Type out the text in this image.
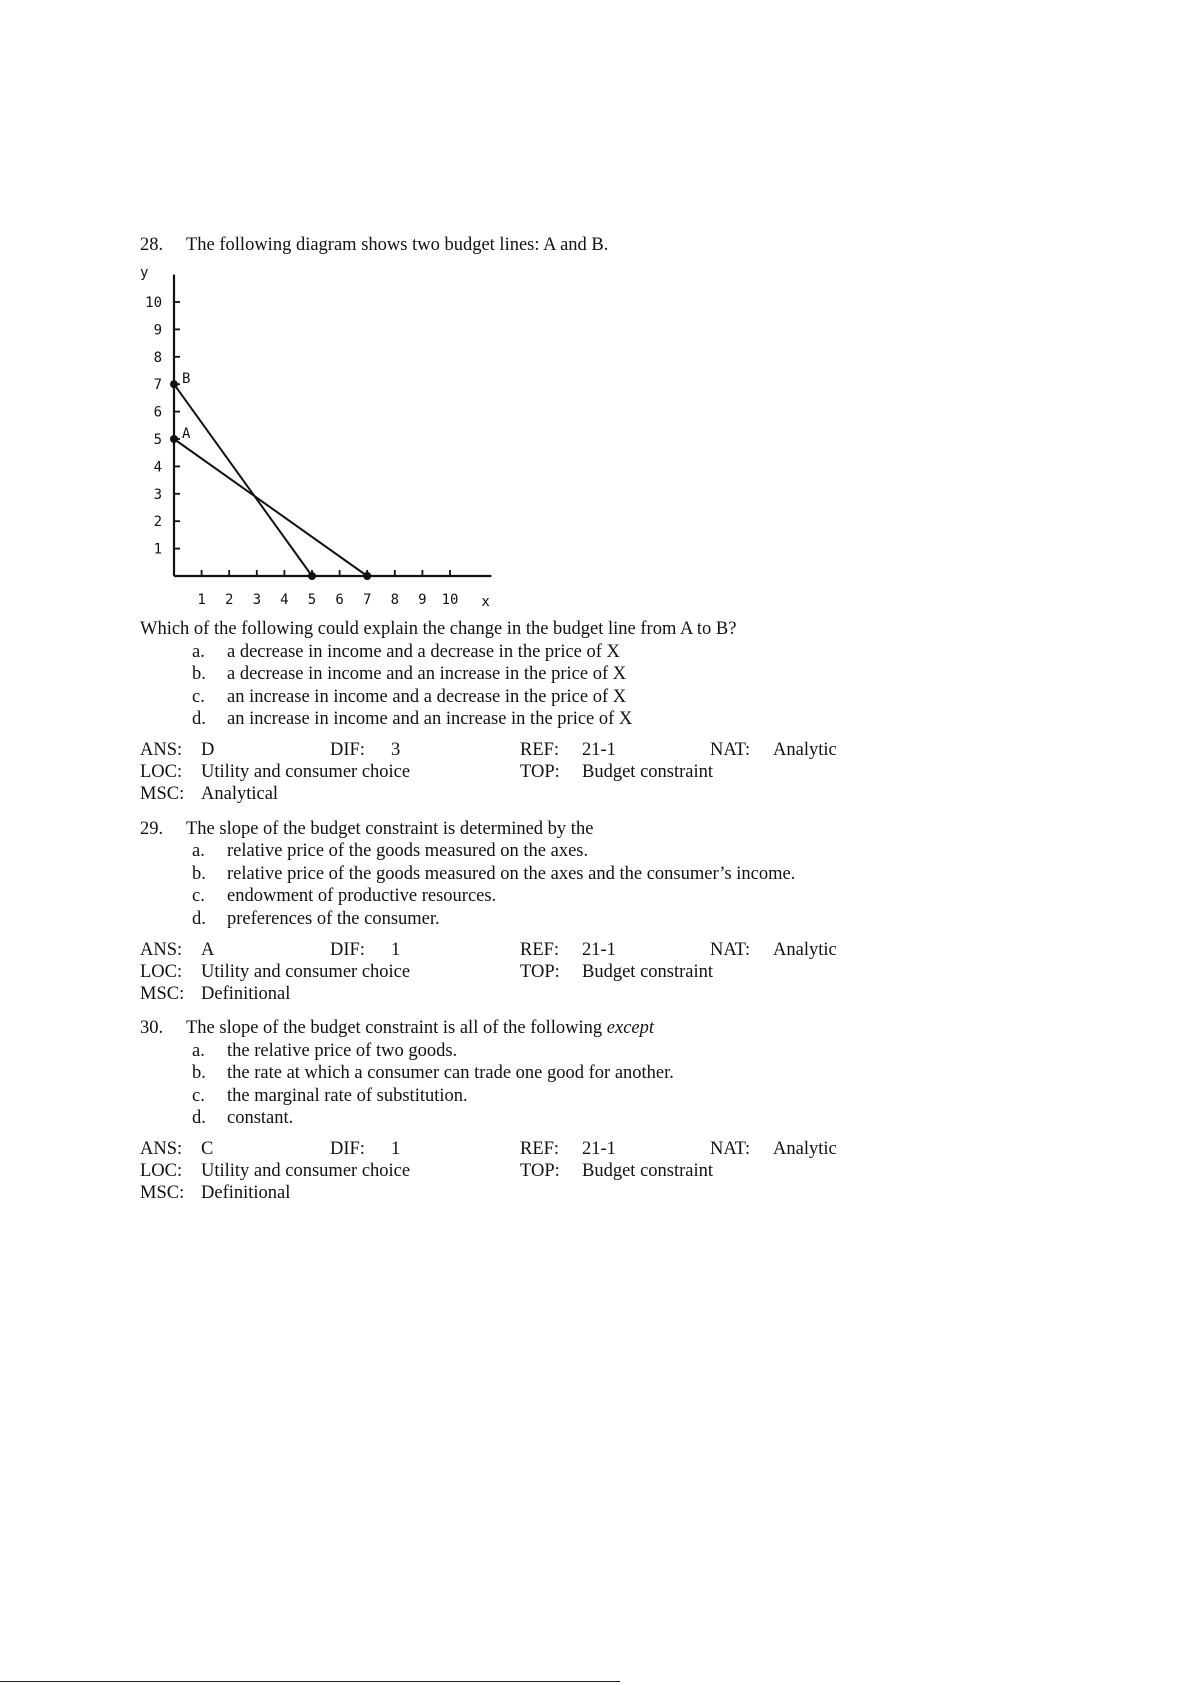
28.	The following diagram shows two budget lines: A and B.
y
x
1
2
3
4
5
6
7
8
9
10
1 2 3 4 5 6 7 8 9 10
A
B
Which of the following could explain the change in the budget line from A to B?
a.	a decrease in income and a decrease in the price of X
b.	a decrease in income and an increase in the price of X
c.	an increase in income and a decrease in the price of X
d.	an increase in income and an increase in the price of X
ANS: D	DIF: 3	REF: 21-1	NAT: Analytic
LOC: Utility and consumer choice	TOP: Budget constraint
MSC: Analytical
29.	The slope of the budget constraint is determined by the
a.	relative price of the goods measured on the axes.
b.	relative price of the goods measured on the axes and the consumer’s income.
c.	endowment of productive resources.
d.	preferences of the consumer.
ANS: A	DIF: 1	REF: 21-1	NAT: Analytic
LOC: Utility and consumer choice	TOP: Budget constraint
MSC: Definitional
30.	The slope of the budget constraint is all of the following except
a.	the relative price of two goods.
b.	the rate at which a consumer can trade one good for another.
c.	the marginal rate of substitution.
d.	constant.
ANS: C	DIF: 1	REF: 21-1	NAT: Analytic
LOC: Utility and consumer choice	TOP: Budget constraint
MSC: Definitional
